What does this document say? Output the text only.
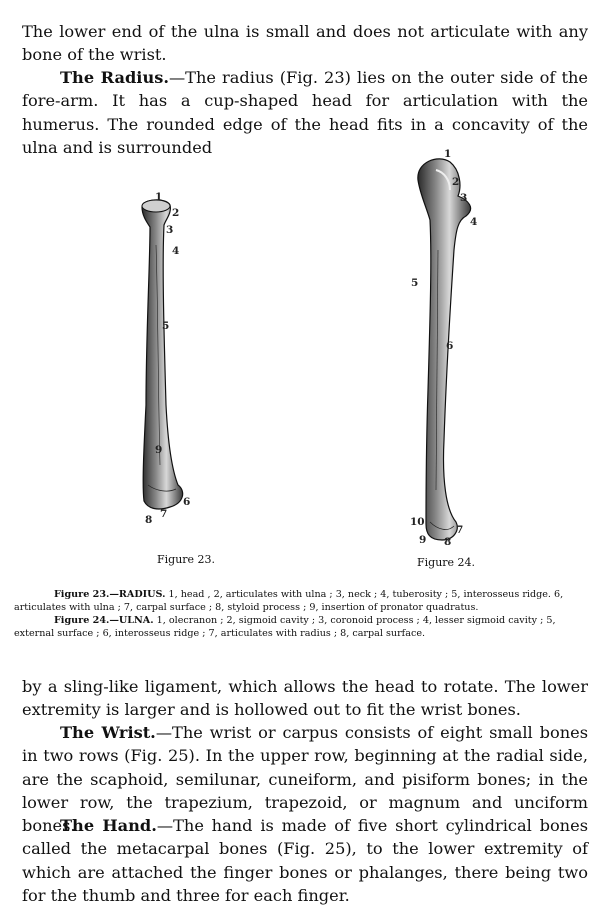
The lower end of the ulna is small and does not articulate with any bone of the wrist.

The Radius.—The radius (Fig. 23) lies on the outer side of the fore-arm. It has a cup-shaped head for articulation with the humerus. The rounded edge of the head fits in a concavity of the ulna and is surrounded

1
2
3
4
5
9
6
7
8
Figure 23.
1
2
3
4
5
6
10
9
7
8
Figure 24.

Figure 23.—RADIUS. 1, head , 2, articulates with ulna ; 3, neck ; 4, tuberosity ; 5, interosseus ridge. 6, articulates with ulna ; 7, carpal surface ; 8, styloid process ; 9, insertion of pronator quadratus.

Figure 24.—ULNA. 1, olecranon ; 2, sigmoid cavity ; 3, coronoid process ; 4, lesser sigmoid cavity ; 5, external surface ; 6, interosseus ridge ; 7, articulates with radius ; 8, carpal surface.

by a sling-like ligament, which allows the head to rotate. The lower extremity is larger and is hollowed out to fit the wrist bones.

The Wrist.—The wrist or carpus consists of eight small bones in two rows (Fig. 25). In the upper row, beginning at the radial side, are the scaphoid, semilunar, cuneiform, and pisiform bones; in the lower row, the trapezium, trapezoid, or magnum and unciform bones.

The Hand.—The hand is made of five short cylindrical bones called the metacarpal bones (Fig. 25), to the lower extremity of which are attached the finger bones or phalanges, there being two for the thumb and three for each finger.
